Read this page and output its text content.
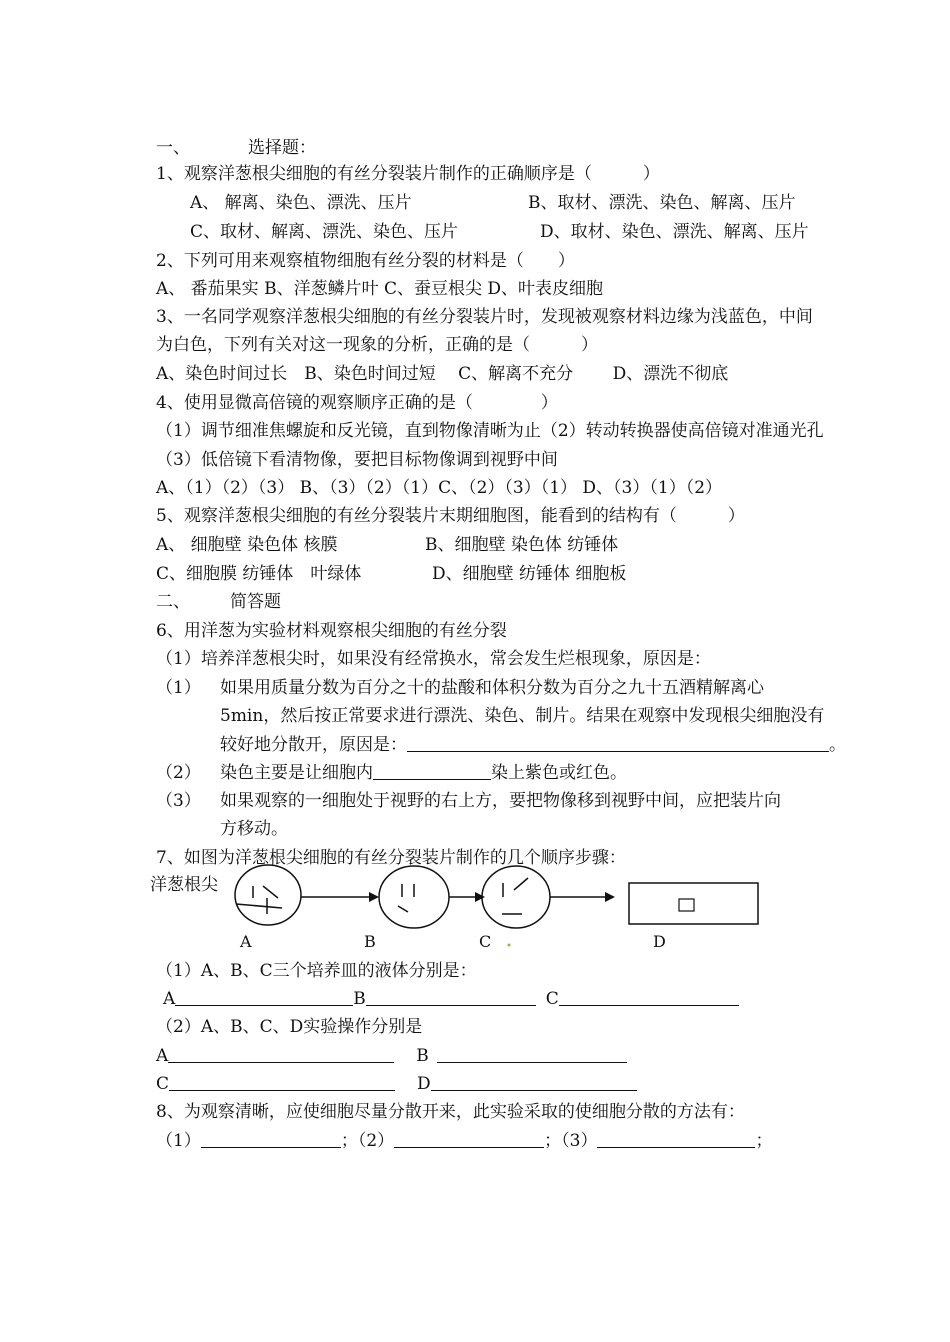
一、	选择题：
1、观察洋葱根尖细胞的有丝分裂装片制作的正确顺序是（　　　）
A、 解离、染色、漂洗、压片	B、取材、漂洗、染色、解离、压片
C、取材、解离、漂洗、染色、压片	D、取材、染色、漂洗、解离、压片
2、下列可用来观察植物细胞有丝分裂的材料是（　　）
A、 番茄果实 B、洋葱鳞片叶 C、蚕豆根尖 D、叶表皮细胞
3、一名同学观察洋葱根尖细胞的有丝分裂装片时，发现被观察材料边缘为浅蓝色，中间
为白色，下列有关对这一现象的分析，正确的是（　　　）
A、染色时间过长　B、染色时间过短　 C、解离不充分　　 D、漂洗不彻底
4、使用显微高倍镜的观察顺序正确的是（　　　　）
（1）调节细准焦螺旋和反光镜，直到物像清晰为止（2）转动转换器使高倍镜对准通光孔
（3）低倍镜下看清物像，要把目标物像调到视野中间
A、（1）（2）（3） B、（3）（2）（1）C、（2）（3）（1） D、（3）（1）（2）
5、观察洋葱根尖细胞的有丝分裂装片末期细胞图，能看到的结构有（　　　）
A、 细胞壁 染色体 核膜	B、细胞壁 染色体 纺锤体
C、细胞膜 纺锤体　叶绿体	D、细胞壁 纺锤体 细胞板
二、 简答题
6、用洋葱为实验材料观察根尖细胞的有丝分裂
（1）培养洋葱根尖时，如果没有经常换水，常会发生烂根现象，原因是：
（1） 如果用质量分数为百分之十的盐酸和体积分数为百分之九十五酒精解离心
5min，然后按正常要求进行漂洗、染色、制片。结果在观察中发现根尖细胞没有
较好地分散开，原因是：	。
（2） 染色主要是让细胞内	染上紫色或红色。
（3） 如果观察的一细胞处于视野的右上方，要把物像移到视野中间，应把装片向
方移动。
7、如图为洋葱根尖细胞的有丝分裂装片制作的几个顺序步骤：
洋葱根尖
A	B	C	D
（1）A、B、C三个培养皿的液体分别是：
A	B	C
（2）A、B、C、D实验操作分别是
A	B
C	D
8、为观察清晰，应使细胞尽量分散开来，此实验采取的使细胞分散的方法有：
（1）	；（2）	；（3）	；
